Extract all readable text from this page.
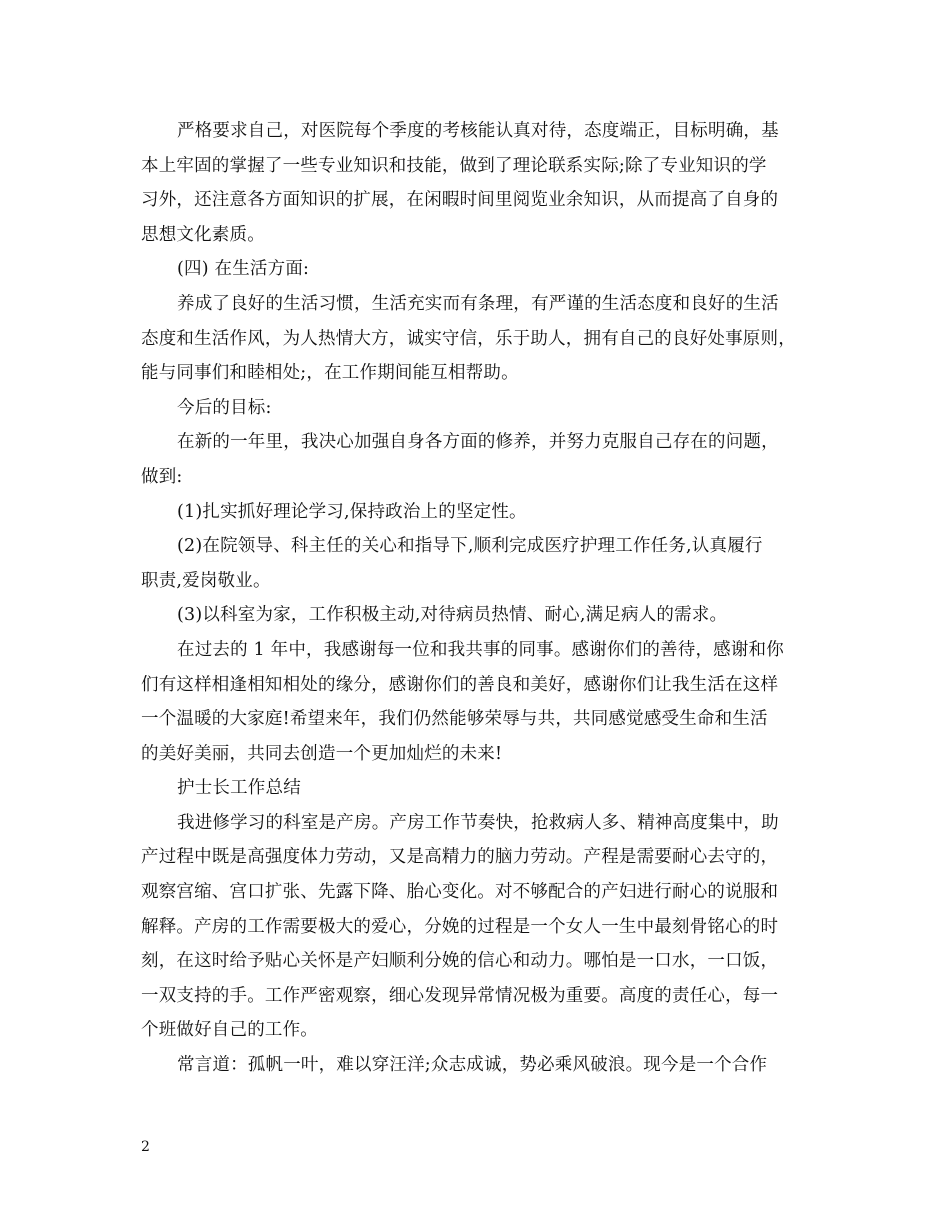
严格要求自己，对医院每个季度的考核能认真对待，态度端正，目标明确，基
本上牢固的掌握了一些专业知识和技能，做到了理论联系实际;除了专业知识的学
习外，还注意各方面知识的扩展，在闲暇时间里阅览业余知识，从而提高了自身的
思想文化素质。
(四) 在生活方面:
养成了良好的生活习惯，生活充实而有条理，有严谨的生活态度和良好的生活
态度和生活作风，为人热情大方，诚实守信，乐于助人，拥有自己的良好处事原则，
能与同事们和睦相处;，在工作期间能互相帮助。
今后的目标:
在新的一年里，我决心加强自身各方面的修养，并努力克服自己存在的问题，
做到:
(1)扎实抓好理论学习,保持政治上的坚定性。
(2)在院领导、科主任的关心和指导下,顺利完成医疗护理工作任务,认真履行
职责,爱岗敬业。
(3)以科室为家，工作积极主动,对待病员热情、耐心,满足病人的需求。
在过去的 1 年中，我感谢每一位和我共事的同事。感谢你们的善待，感谢和你
们有这样相逢相知相处的缘分，感谢你们的善良和美好，感谢你们让我生活在这样
一个温暖的大家庭!希望来年，我们仍然能够荣辱与共，共同感觉感受生命和生活
的美好美丽，共同去创造一个更加灿烂的未来!
护士长工作总结
我进修学习的科室是产房。产房工作节奏快，抢救病人多、精神高度集中，助
产过程中既是高强度体力劳动，又是高精力的脑力劳动。产程是需要耐心去守的，
观察宫缩、宫口扩张、先露下降、胎心变化。对不够配合的产妇进行耐心的说服和
解释。产房的工作需要极大的爱心，分娩的过程是一个女人一生中最刻骨铭心的时
刻，在这时给予贴心关怀是产妇顺利分娩的信心和动力。哪怕是一口水，一口饭，
一双支持的手。工作严密观察，细心发现异常情况极为重要。高度的责任心，每一
个班做好自己的工作。
常言道：孤帆一叶，难以穿汪洋;众志成诚，势必乘风破浪。现今是一个合作
2
